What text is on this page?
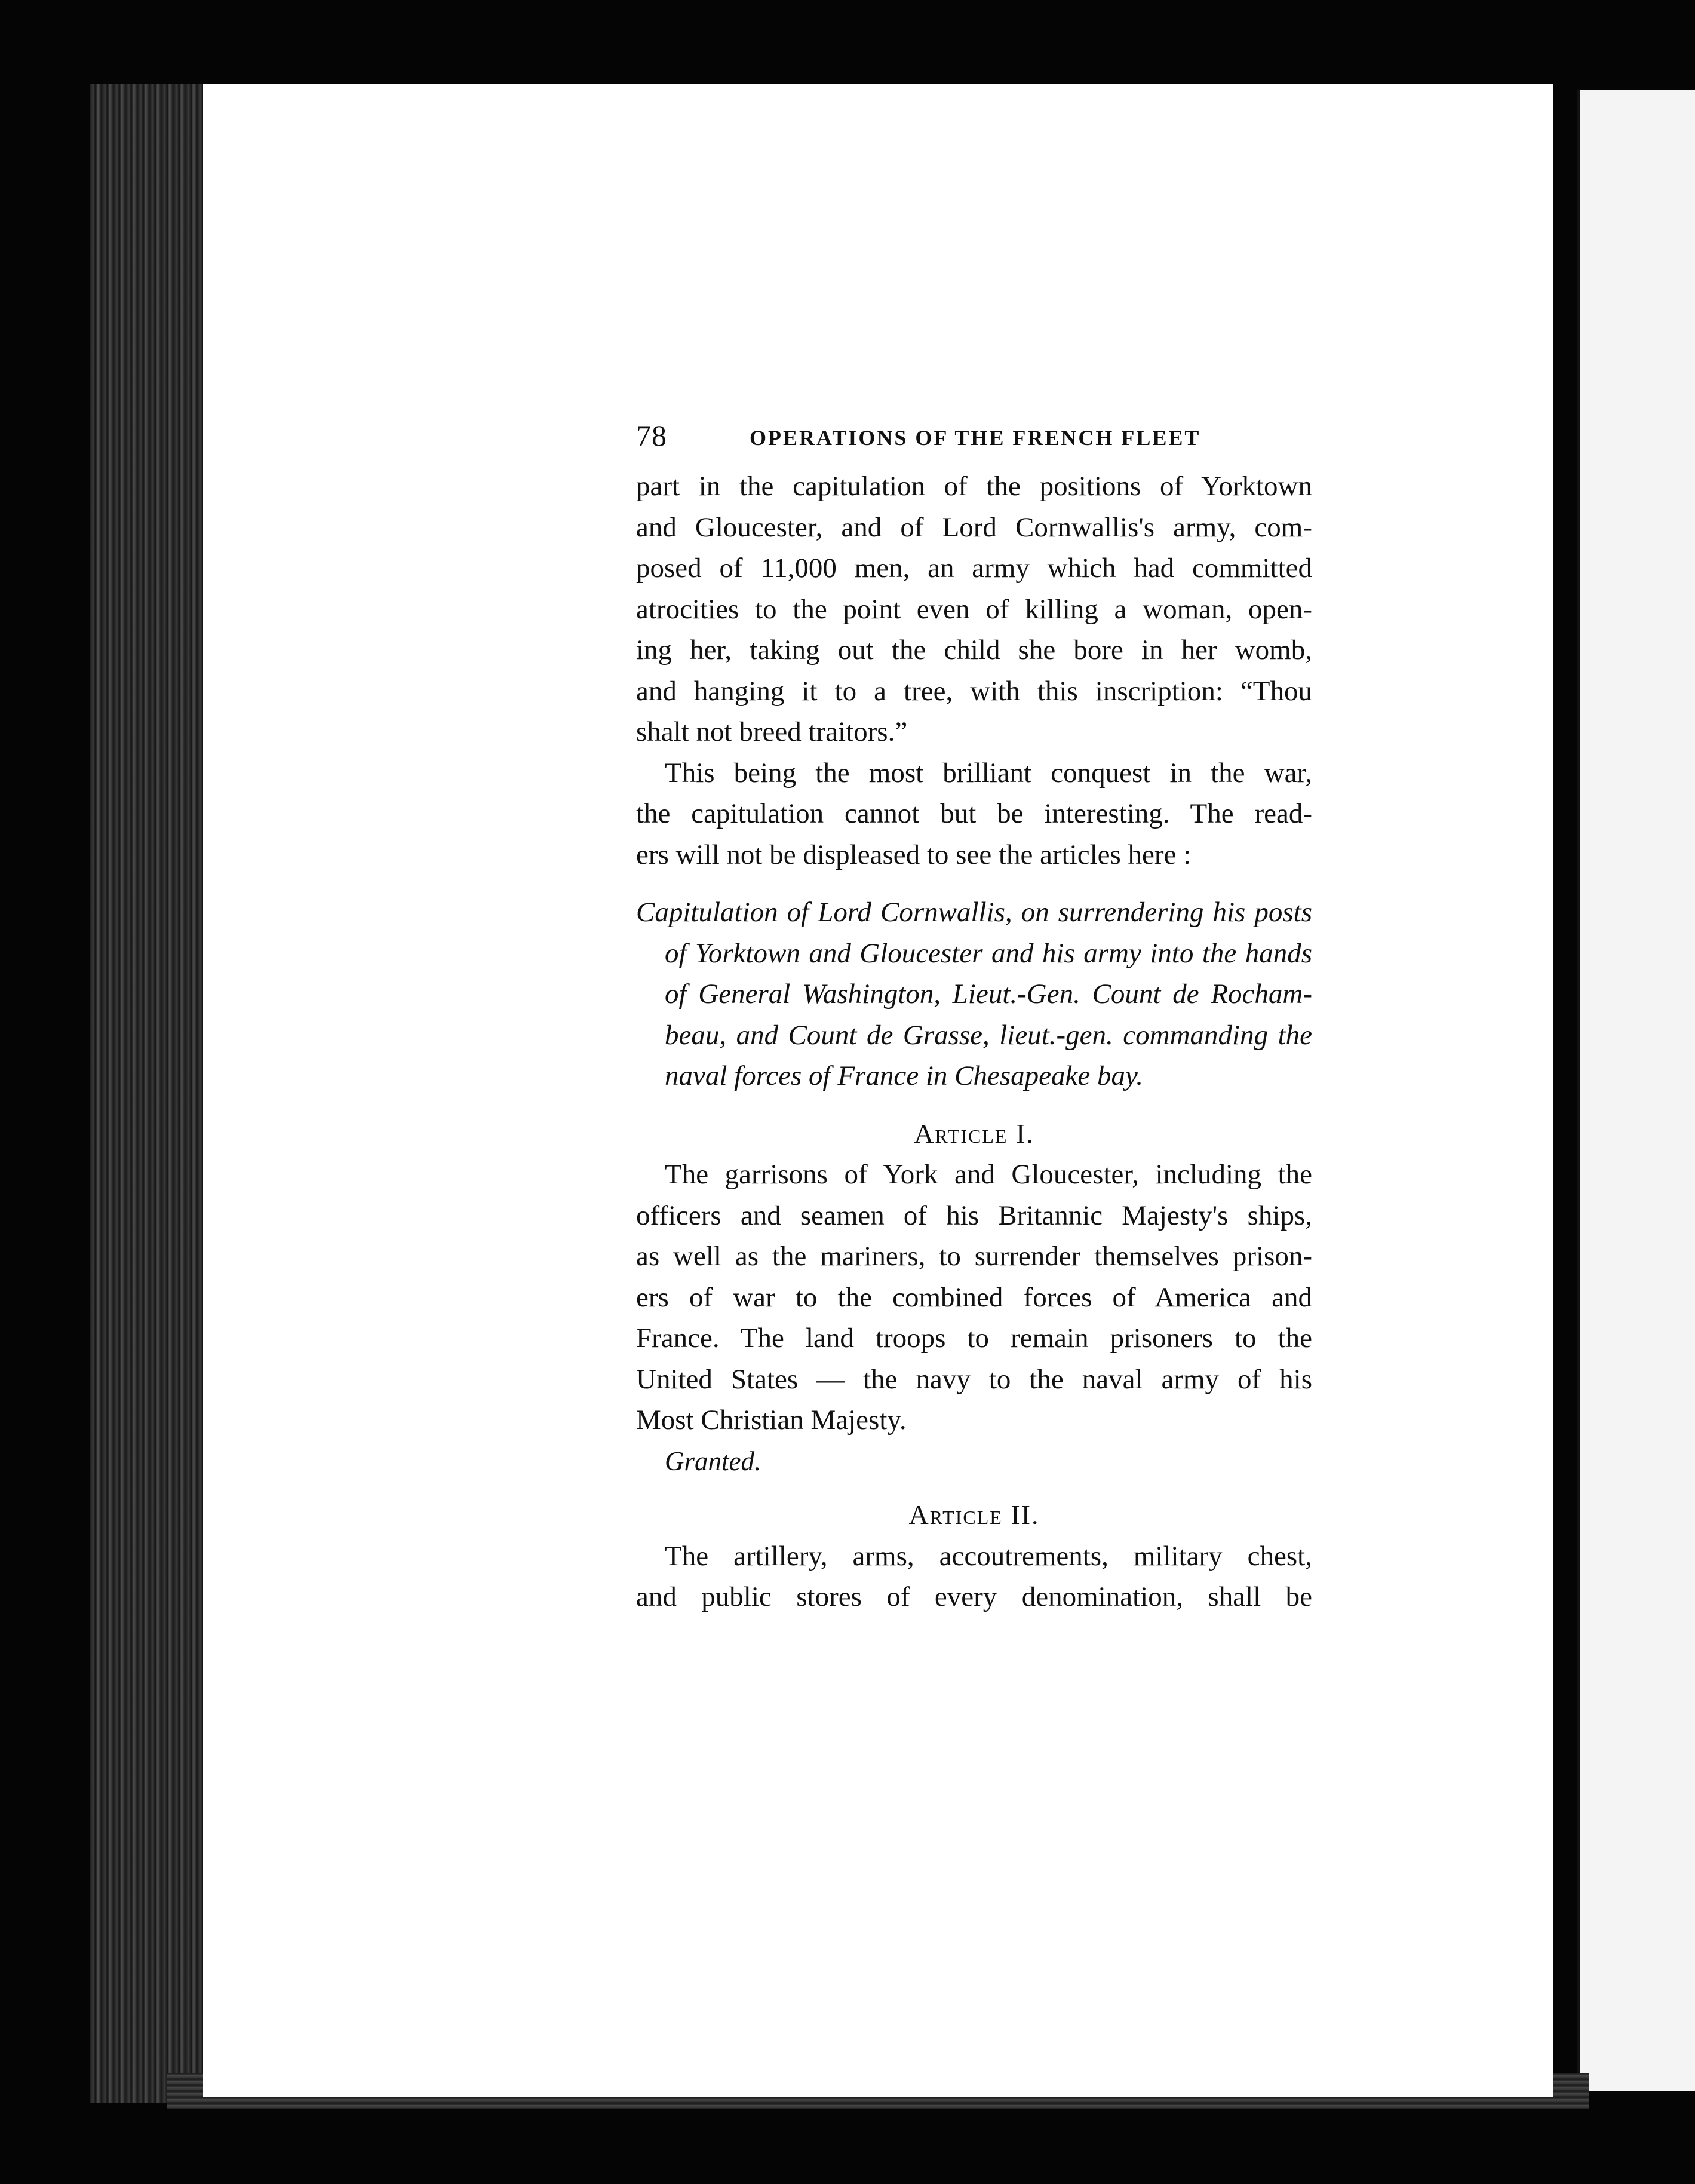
78	OPERATIONS OF THE FRENCH FLEET
part in the capitulation of the positions of Yorktown
and Gloucester, and of Lord Cornwallis's army, com-
posed of 11,000 men, an army which had committed
atrocities to the point even of killing a woman, open-
ing her, taking out the child she bore in her womb,
and hanging it to a tree, with this inscription: “Thou
shalt not breed traitors.”
This being the most brilliant conquest in the war,
the capitulation cannot but be interesting. The read-
ers will not be displeased to see the articles here :
Capitulation of Lord Cornwallis, on surrendering his posts
of Yorktown and Gloucester and his army into the hands
of General Washington, Lieut.-Gen. Count de Rocham-
beau, and Count de Grasse, lieut.-gen. commanding the
naval forces of France in Chesapeake bay.
Article I.
The garrisons of York and Gloucester, including the
officers and seamen of his Britannic Majesty's ships,
as well as the mariners, to surrender themselves prison-
ers of war to the combined forces of America and
France. The land troops to remain prisoners to the
United States — the navy to the naval army of his
Most Christian Majesty.
Granted.
Article II.
The artillery, arms, accoutrements, military chest,
and public stores of every denomination, shall be
